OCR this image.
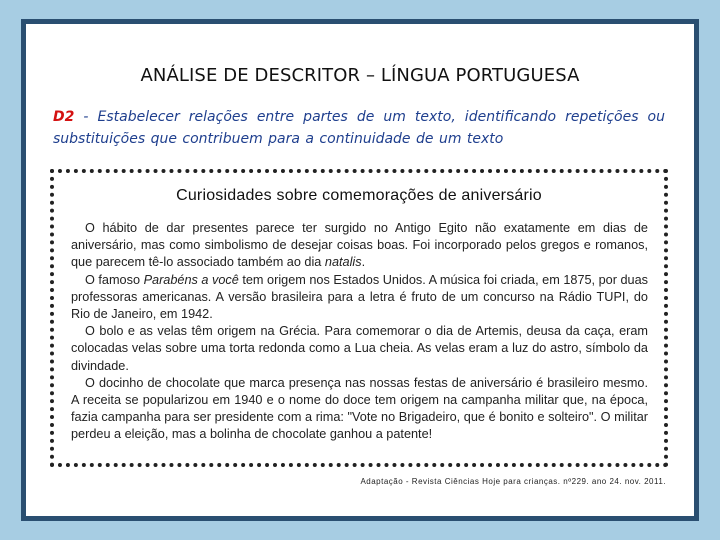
ANÁLISE DE DESCRITOR – LÍNGUA PORTUGUESA
D2 - Estabelecer relações entre partes de um texto, identificando repetições ou substituições que contribuem para a continuidade de um texto
Curiosidades sobre comemorações de aniversário

O hábito de dar presentes parece ter surgido no Antigo Egito não exatamente em dias de aniversário, mas como simbolismo de desejar coisas boas. Foi incorporado pelos gregos e romanos, que parecem tê-lo associado também ao dia natalis.

O famoso Parabéns a você tem origem nos Estados Unidos. A música foi criada, em 1875, por duas professoras americanas. A versão brasileira para a letra é fruto de um concurso na Rádio TUPI, do Rio de Janeiro, em 1942.

O bolo e as velas têm origem na Grécia. Para comemorar o dia de Artemis, deusa da caça, eram colocadas velas sobre uma torta redonda como a Lua cheia. As velas eram a luz do astro, símbolo da divindade.

O docinho de chocolate que marca presença nas nossas festas de aniversário é brasileiro mesmo. A receita se popularizou em 1940 e o nome do doce tem origem na campanha militar que, na época, fazia campanha para ser presidente com a rima: "Vote no Brigadeiro, que é bonito e solteiro". O militar perdeu a eleição, mas a bolinha de chocolate ganhou a patente!

Adaptação - Revista Ciências Hoje para crianças. nº229. ano 24. nov. 2011.
